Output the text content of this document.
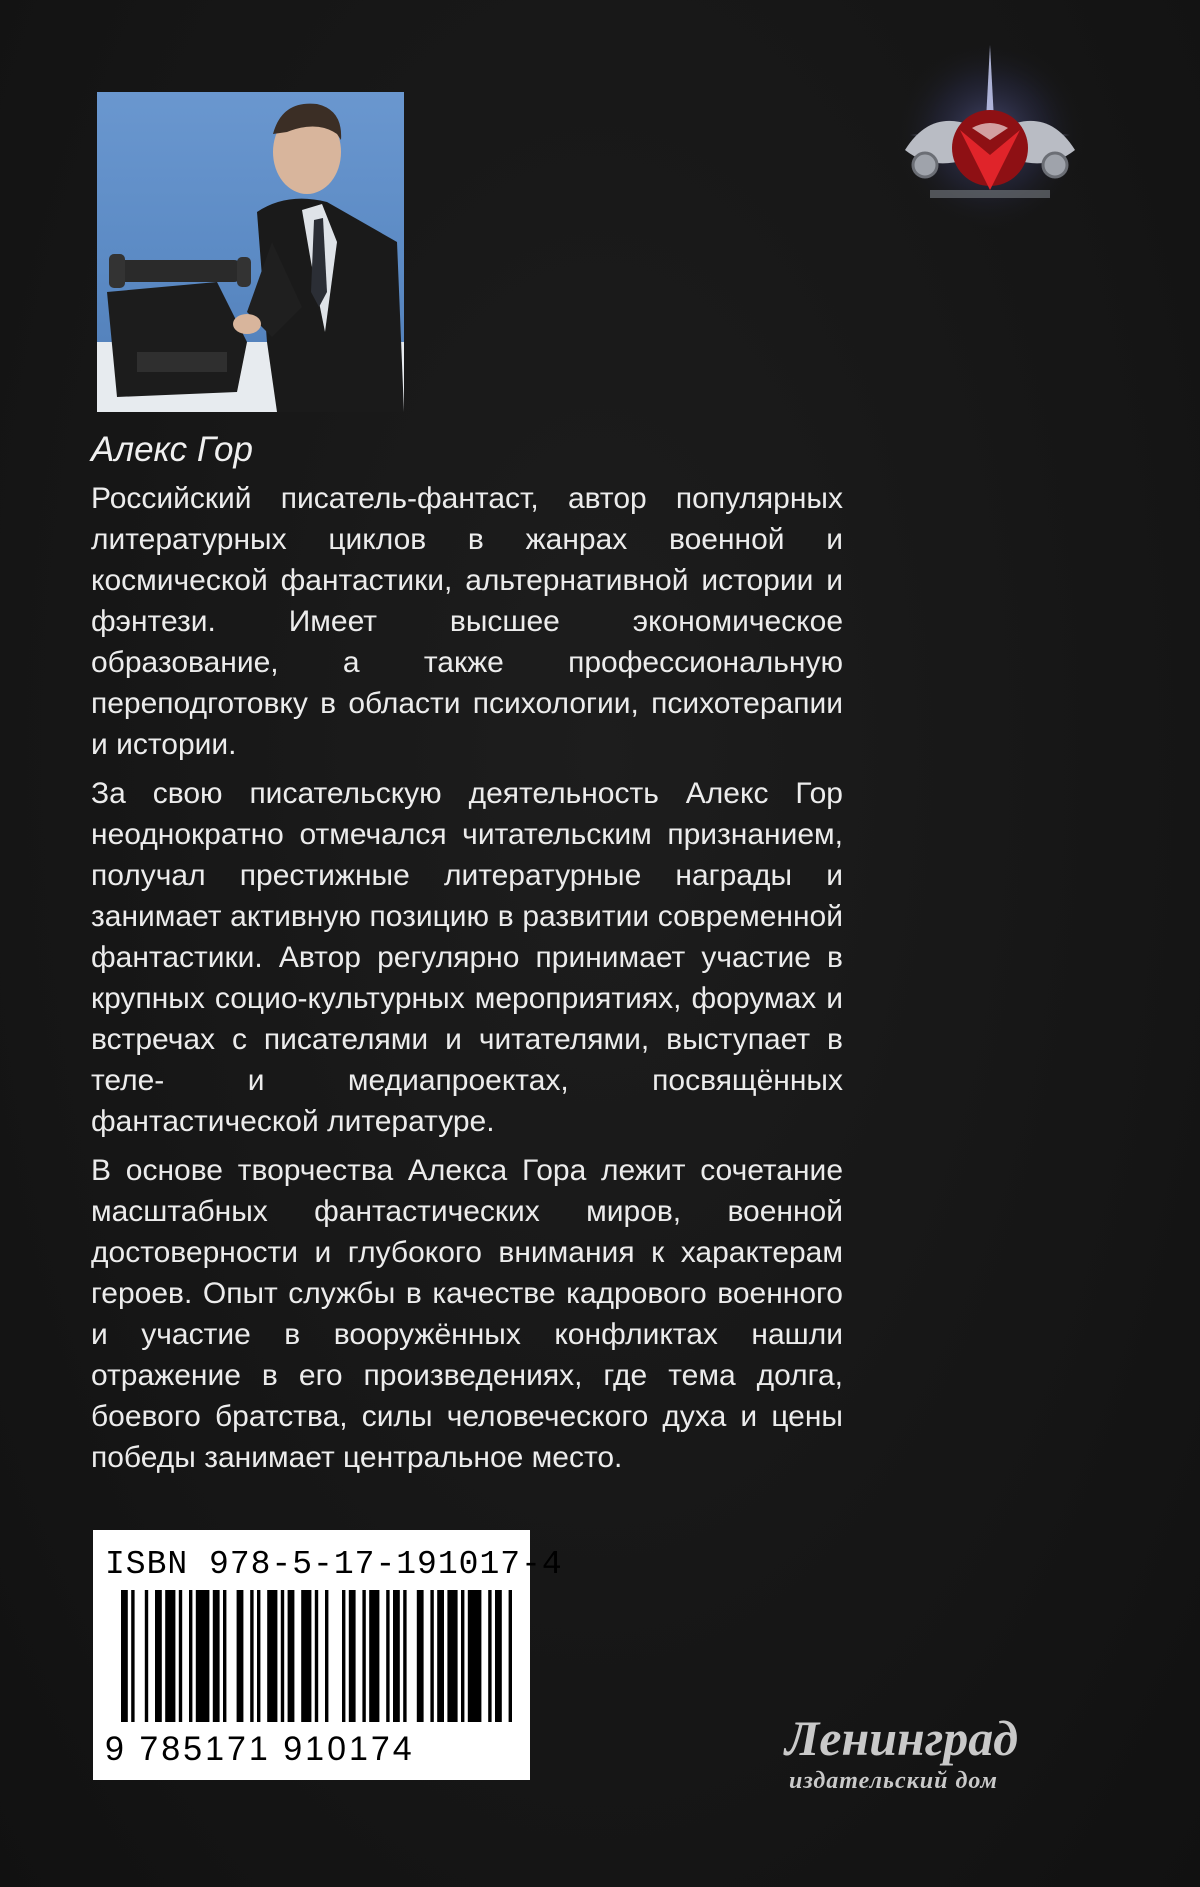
Алекс Гор

Российский писатель-фантаст, автор популярных литературных циклов в жанрах военной и космической фантастики, альтернативной истории и фэнтези. Имеет высшее экономическое образование, а также профессиональную переподготовку в области психологии, психотерапии и истории.

За свою писательскую деятельность Алекс Гор неоднократно отмечался читательским признанием, получал престижные литературные награды и занимает активную позицию в развитии современной фантастики. Автор регулярно принимает участие в крупных социо-культурных мероприятиях, форумах и встречах с писателями и читателями, выступает в теле- и медиапроектах, посвящённых фантастической литературе.

В основе творчества Алекса Гора лежит сочетание масштабных фантастических миров, военной достоверности и глубокого внимания к характерам героев. Опыт службы в качестве кадрового военного и участие в вооружённых конфликтах нашли отражение в его произведениях, где тема долга, боевого братства, силы человеческого духа и цены победы занимает центральное место.

ISBN 978-5-17-191017-4
9 785171 910174	Ленинград
издательский дом
